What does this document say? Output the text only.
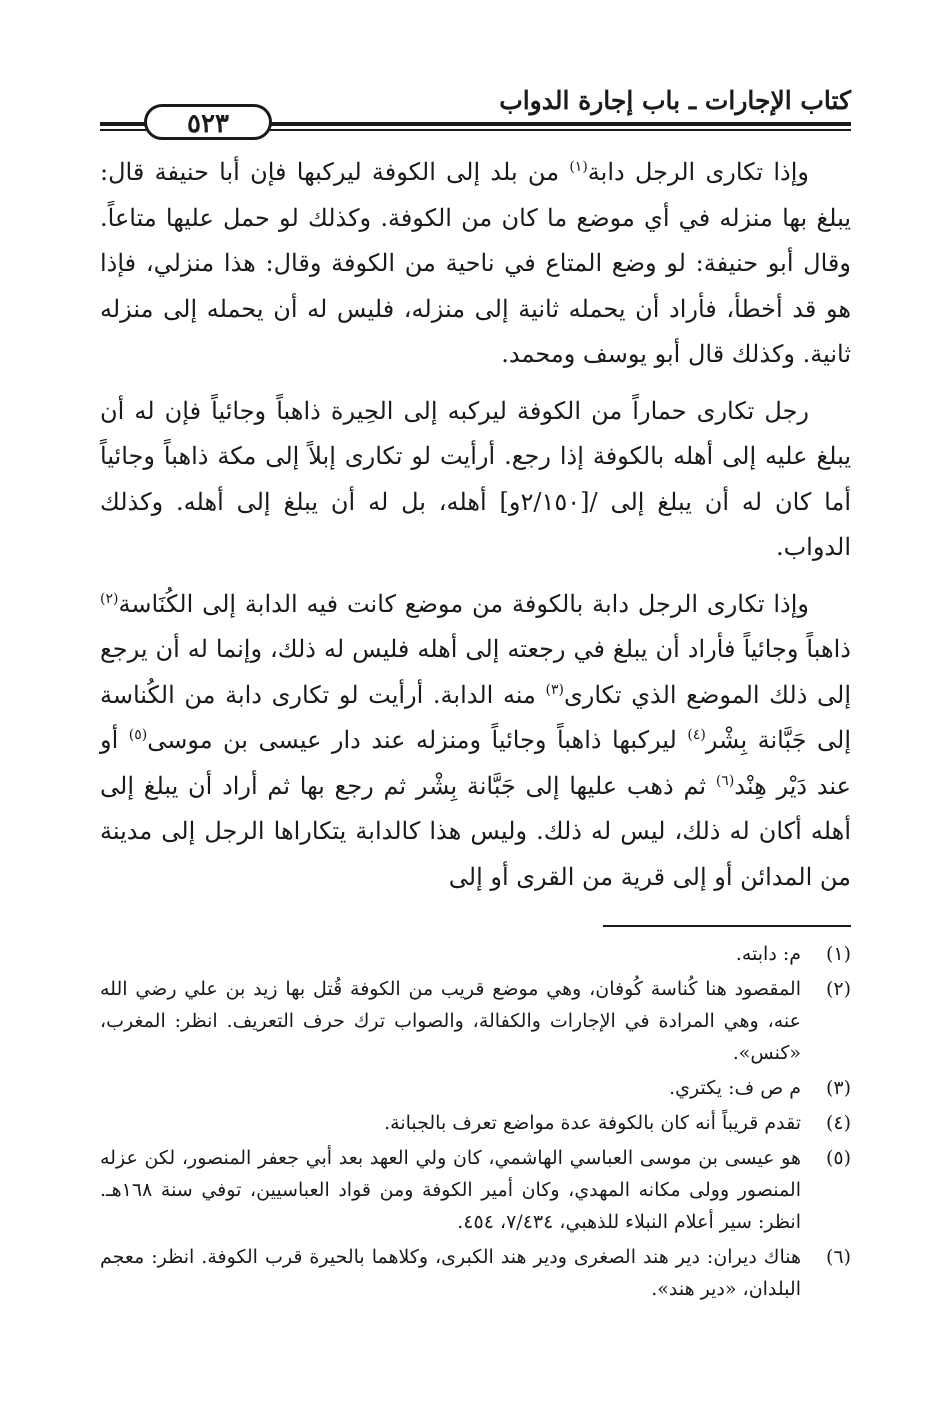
كتاب الإجارات ـ باب إجارة الدواب
٥٢٣

وإذا تكارى الرجل دابة$^{(١)}$ من بلد إلى الكوفة ليركبها فإن أبا حنيفة قال: يبلغ بها منزله في أي موضع ما كان من الكوفة. وكذلك لو حمل عليها متاعاً. وقال أبو حنيفة: لو وضع المتاع في ناحية من الكوفة وقال: هذا منزلي، فإذا هو قد أخطأ، فأراد أن يحمله ثانية إلى منزله، فليس له أن يحمله إلى منزله ثانية. وكذلك قال أبو يوسف ومحمد.

رجل تكارى حماراً من الكوفة ليركبه إلى الحِيرة ذاهباً وجائياً فإن له أن يبلغ عليه إلى أهله بالكوفة إذا رجع. أرأيت لو تكارى إبلاً إلى مكة ذاهباً وجائياً أما كان له أن يبلغ إلى /[٢/١٥٠و] أهله، بل له أن يبلغ إلى أهله. وكذلك الدواب.

وإذا تكارى الرجل دابة بالكوفة من موضع كانت فيه الدابة إلى الكُنَاسة$^{(٢)}$ ذاهباً وجائياً فأراد أن يبلغ في رجعته إلى أهله فليس له ذلك، وإنما له أن يرجع إلى ذلك الموضع الذي تكارى$^{(٣)}$ منه الدابة. أرأيت لو تكارى دابة من الكُناسة إلى جَبَّانة بِشْر$^{(٤)}$ ليركبها ذاهباً وجائياً ومنزله عند دار عيسى بن موسى$^{(٥)}$ أو عند دَيْر هِنْد$^{(٦)}$ ثم ذهب عليها إلى جَبَّانة بِشْر ثم رجع بها ثم أراد أن يبلغ إلى أهله أكان له ذلك، ليس له ذلك. وليس هذا كالدابة يتكاراها الرجل إلى مدينة من المدائن أو إلى قرية من القرى أو إلى

(١)
م: دابته.
(٢)
المقصود هنا كُناسة كُوفان، وهي موضع قريب من الكوفة قُتل بها زيد بن علي رضي الله عنه، وهي المرادة في الإجارات والكفالة، والصواب ترك حرف التعريف. انظر: المغرب، «كنس».
(٣)
م ص ف: يكتري.
(٤)
تقدم قريباً أنه كان بالكوفة عدة مواضع تعرف بالجبانة.
(٥)
هو عيسى بن موسى العباسي الهاشمي، كان ولي العهد بعد أبي جعفر المنصور، لكن عزله المنصور وولى مكانه المهدي، وكان أمير الكوفة ومن قواد العباسيين، توفي سنة ١٦٨هـ. انظر: سير أعلام النبلاء للذهبي، ٧/٤٣٤، ٤٥٤.
(٦)
هناك ديران: دير هند الصغرى ودير هند الكبرى، وكلاهما بالحيرة قرب الكوفة. انظر: معجم البلدان، «دير هند».
